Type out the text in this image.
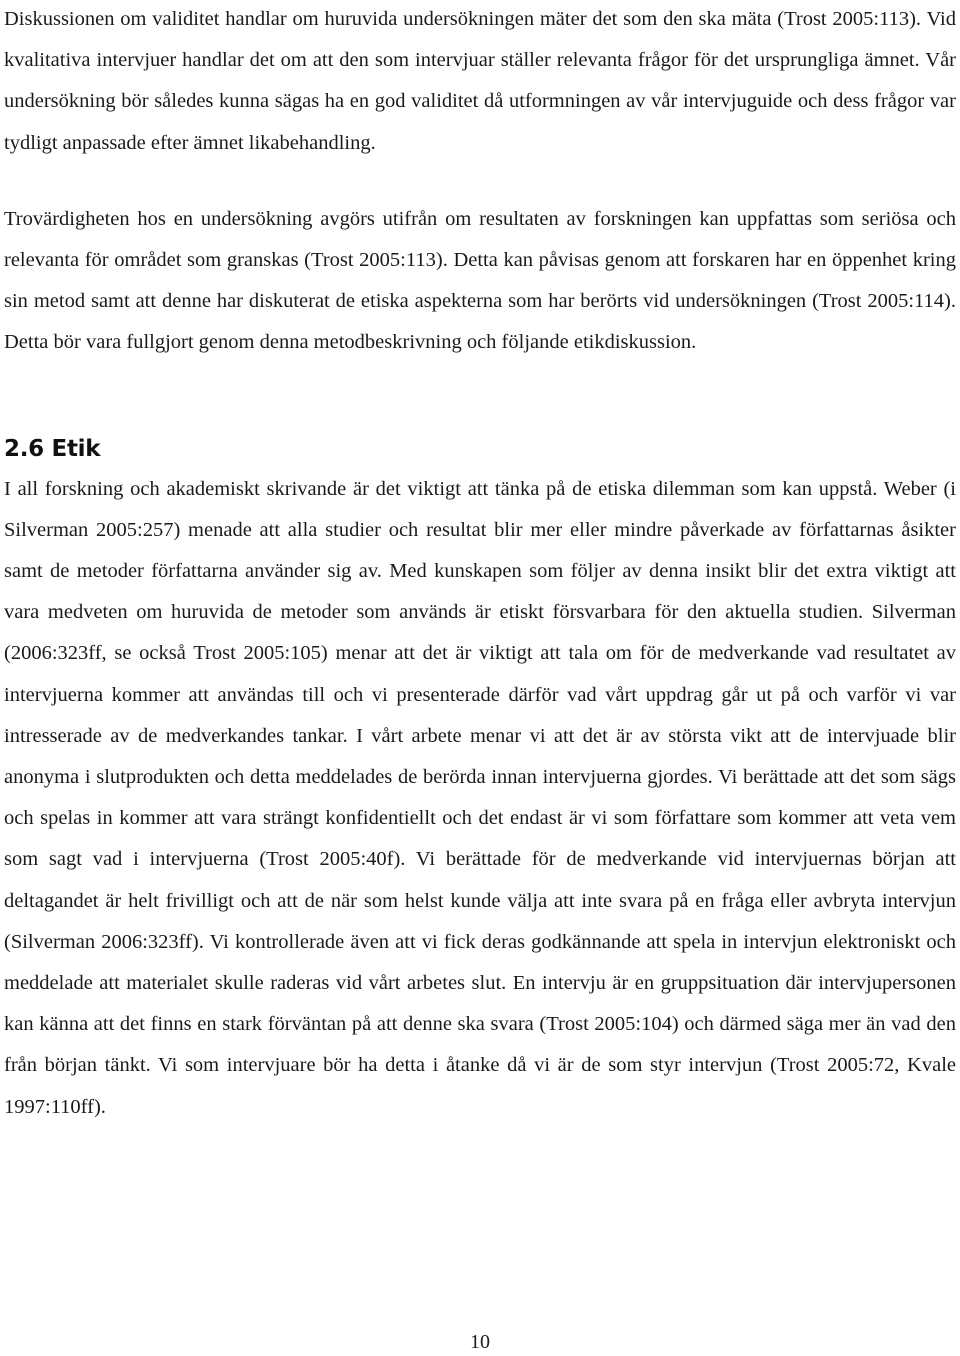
Diskussionen om validitet handlar om huruvida undersökningen mäter det som den ska mäta (Trost 2005:113). Vid kvalitativa intervjuer handlar det om att den som intervjuar ställer relevanta frågor för det ursprungliga ämnet. Vår undersökning bör således kunna sägas ha en god validitet då utformningen av vår intervjuguide och dess frågor var tydligt anpassade efter ämnet likabehandling.

Trovärdigheten hos en undersökning avgörs utifrån om resultaten av forskningen kan uppfattas som seriösa och relevanta för området som granskas (Trost 2005:113). Detta kan påvisas genom att forskaren har en öppenhet kring sin metod samt att denne har diskuterat de etiska aspekterna som har berörts vid undersökningen (Trost 2005:114). Detta bör vara fullgjort genom denna metodbeskrivning och följande etikdiskussion.

2.6 Etik

I all forskning och akademiskt skrivande är det viktigt att tänka på de etiska dilemman som kan uppstå. Weber (i Silverman 2005:257) menade att alla studier och resultat blir mer eller mindre påverkade av författarnas åsikter samt de metoder författarna använder sig av. Med kunskapen som följer av denna insikt blir det extra viktigt att vara medveten om huruvida de metoder som används är etiskt försvarbara för den aktuella studien. Silverman (2006:323ff, se också Trost 2005:105) menar att det är viktigt att tala om för de medverkande vad resultatet av intervjuerna kommer att användas till och vi presenterade därför vad vårt uppdrag går ut på och varför vi var intresserade av de medverkandes tankar. I vårt arbete menar vi att det är av största vikt att de intervjuade blir anonyma i slutprodukten och detta meddelades de berörda innan intervjuerna gjordes. Vi berättade att det som sägs och spelas in kommer att vara strängt konfidentiellt och det endast är vi som författare som kommer att veta vem som sagt vad i intervjuerna (Trost 2005:40f). Vi berättade för de medverkande vid intervjuernas början att deltagandet är helt frivilligt och att de när som helst kunde välja att inte svara på en fråga eller avbryta intervjun (Silverman 2006:323ff). Vi kontrollerade även att vi fick deras godkännande att spela in intervjun elektroniskt och meddelade att materialet skulle raderas vid vårt arbetes slut. En intervju är en gruppsituation där intervjupersonen kan känna att det finns en stark förväntan på att denne ska svara (Trost 2005:104) och därmed säga mer än vad den från början tänkt. Vi som intervjuare bör ha detta i åtanke då vi är de som styr intervjun (Trost 2005:72, Kvale 1997:110ff).

10
